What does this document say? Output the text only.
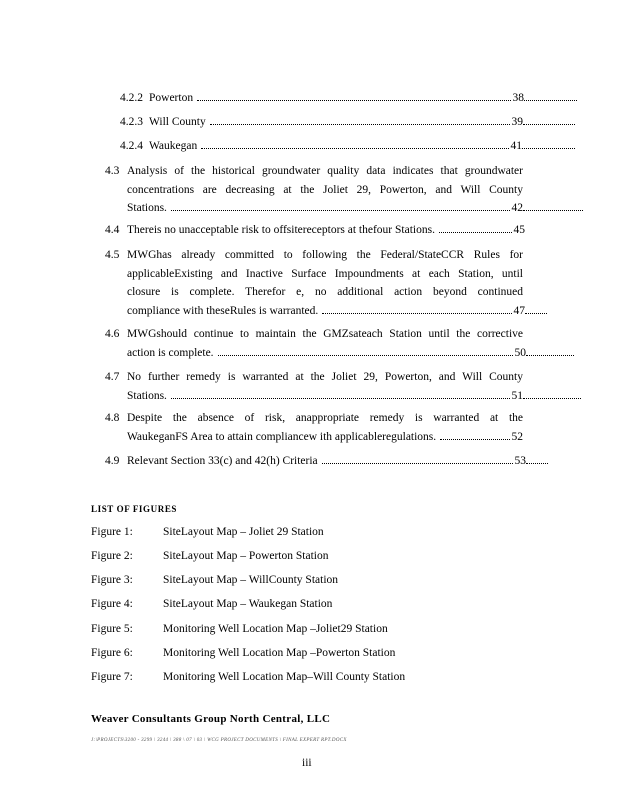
4.2.2 Powerton	38
4.2.3 Will County	39
4.2.4 Waukegan	41
4.3 Analysis of the historical groundwater quality data indicates that groundwater
concentrations are decreasing at the Joliet 29, Powerton, and Will County
Stations.	42
4.4 Thereis no unacceptable risk to offsitereceptors at thefour Stations.	45
4.5 MWGhas already committed to following the Federal/StateCCR Rules for
applicableExisting and Inactive Surface Impoundments at each Station, until
closure is complete. Therefor e, no additional action beyond continued
compliance with theseRules is warranted.	47
4.6 MWGshould continue to maintain the GMZsateach Station until the corrective
action is complete.	50
4.7 No further remedy is warranted at the Joliet 29, Powerton, and Will County
Stations.	51
4.8 Despite the absence of risk, anappropriate remedy is warranted at the
WaukeganFS Area to attain compliancew ith applicableregulations.	52
4.9 Relevant Section 33(c) and 42(h) Criteria	53
LIST OF FIGURES
Figure 1:	SiteLayout Map – Joliet 29 Station
Figure 2:	SiteLayout Map – Powerton Station
Figure 3:	SiteLayout Map – WillCounty Station
Figure 4:	SiteLayout Map – Waukegan Station
Figure 5:	Monitoring Well Location Map –Joliet29 Station
Figure 6:	Monitoring Well Location Map –Powerton Station
Figure 7:	Monitoring Well Location Map–Will County Station
Weaver Consultants Group North Central, LLC
J:\PROJECTS\3200 - 3299 \ 3244 \ 388 \ 07 \ 03 \ WCG PROJECT DOCUMENTS \ FINAL EXPERT RPT.DOCX
iii
